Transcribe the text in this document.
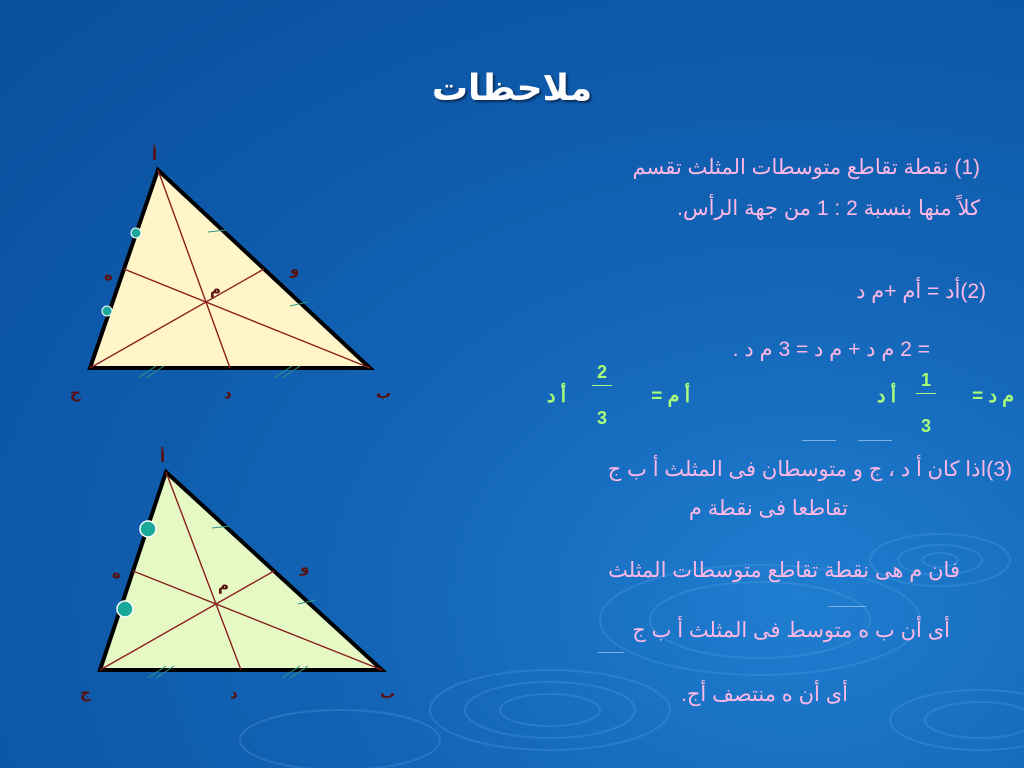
ملاحظات
أ
ب
ج	د
ه	و
م
أ
ب
ج	د
ه	و
م
(1) نقطة تقاطع متوسطات المثلث تقسم
كلاً منها بنسبة 2 : 1 من جهة الرأس.
(2)أد = أم +م د
= 2 م د + م د = 3 م د .
م د =
1
3
أ د
أ م =
2
3
أ د
(3)اذا كان أ د ، ج و متوسطان فى المثلث أ ب ج
تقاطعا فى نقطة م
فان م هى نقطة تقاطع متوسطات المثلث
أى أن ب ه متوسط فى المثلث أ ب ج
أى أن ه منتصف أج.
